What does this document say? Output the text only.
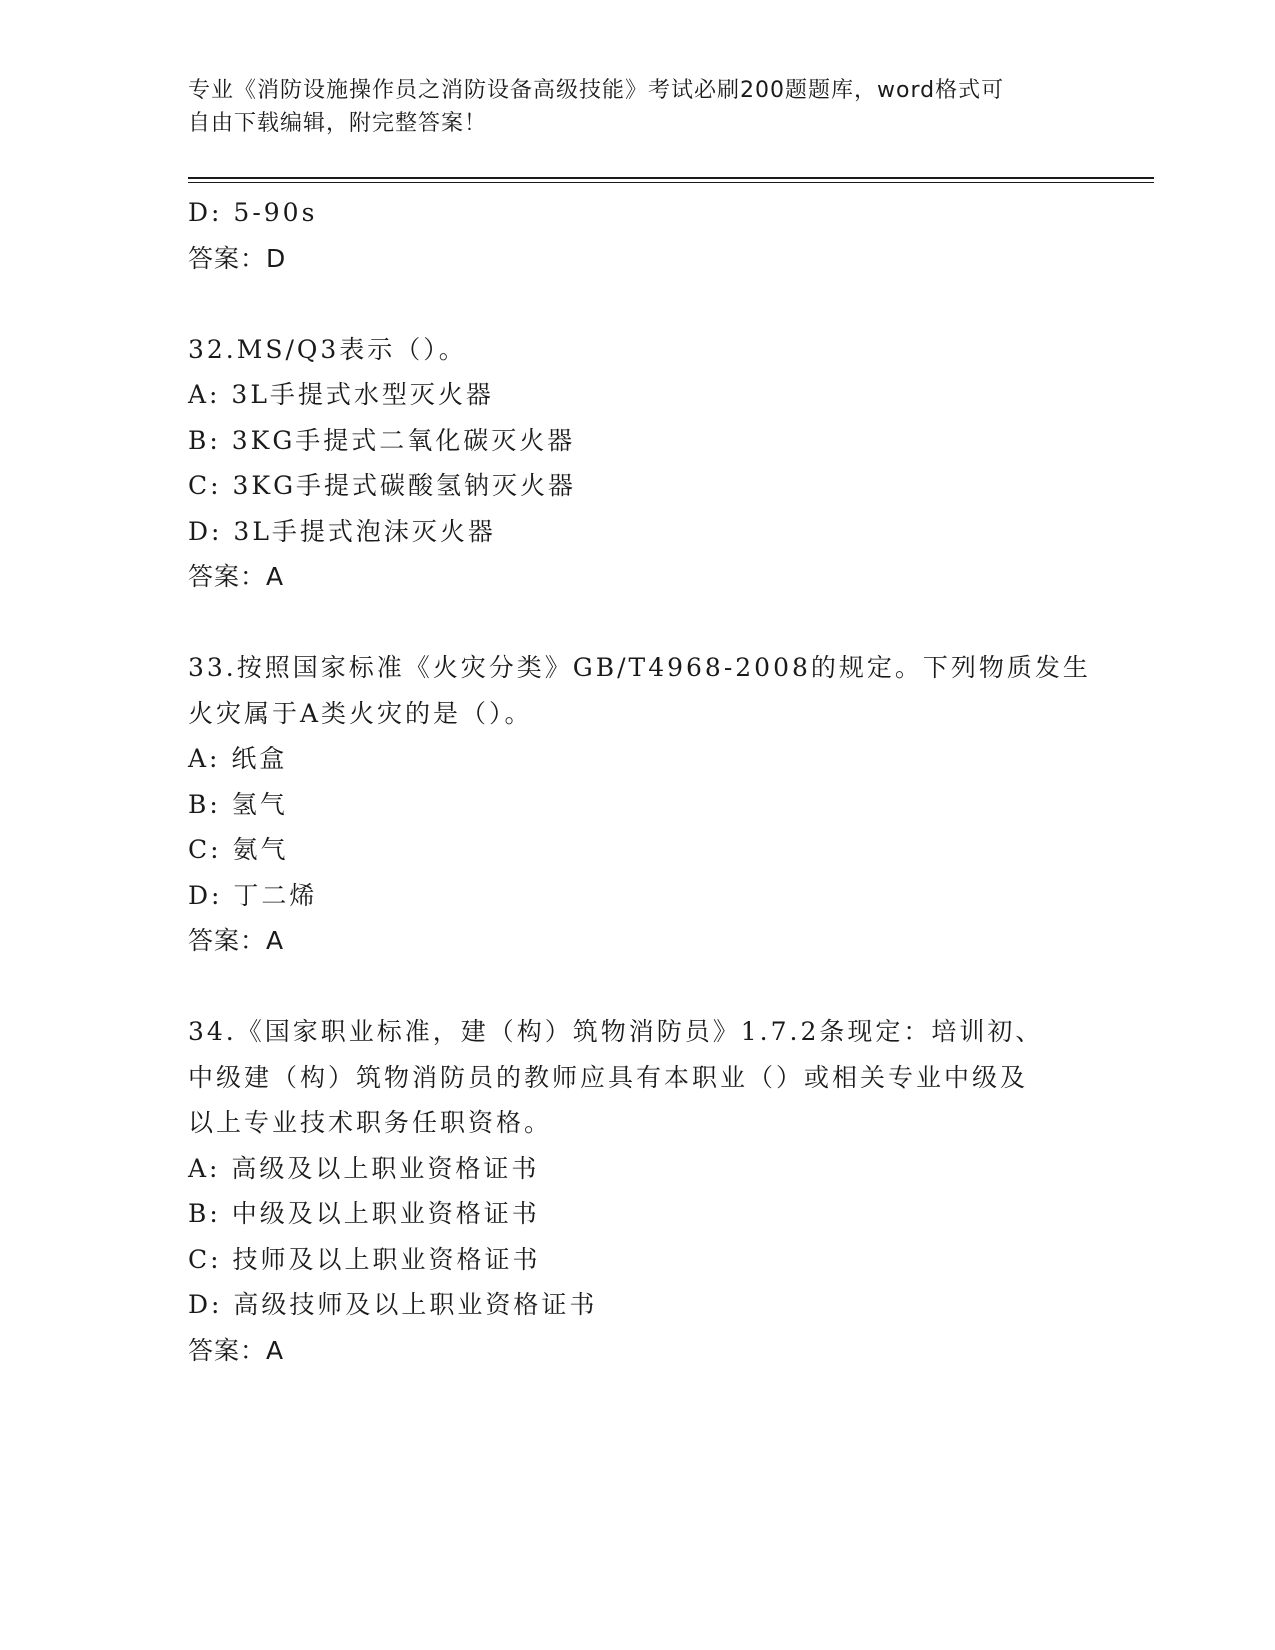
专业《消防设施操作员之消防设备高级技能》考试必刷200题题库，word格式可
自由下载编辑，附完整答案！
D: 5-90s
答案：D
32.MS/Q3表示（）。
A: 3L手提式水型灭火器
B: 3KG手提式二氧化碳灭火器
C: 3KG手提式碳酸氢钠灭火器
D: 3L手提式泡沫灭火器
答案：A
33.按照国家标准《火灾分类》GB/T4968-2008的规定。下列物质发生
火灾属于A类火灾的是（）。
A: 纸盒
B: 氢气
C: 氨气
D: 丁二烯
答案：A
34.《国家职业标准，建（构）筑物消防员》1.7.2条现定：培训初、
中级建（构）筑物消防员的教师应具有本职业（）或相关专业中级及
以上专业技术职务任职资格。
A: 高级及以上职业资格证书
B: 中级及以上职业资格证书
C: 技师及以上职业资格证书
D: 高级技师及以上职业资格证书
答案：A
